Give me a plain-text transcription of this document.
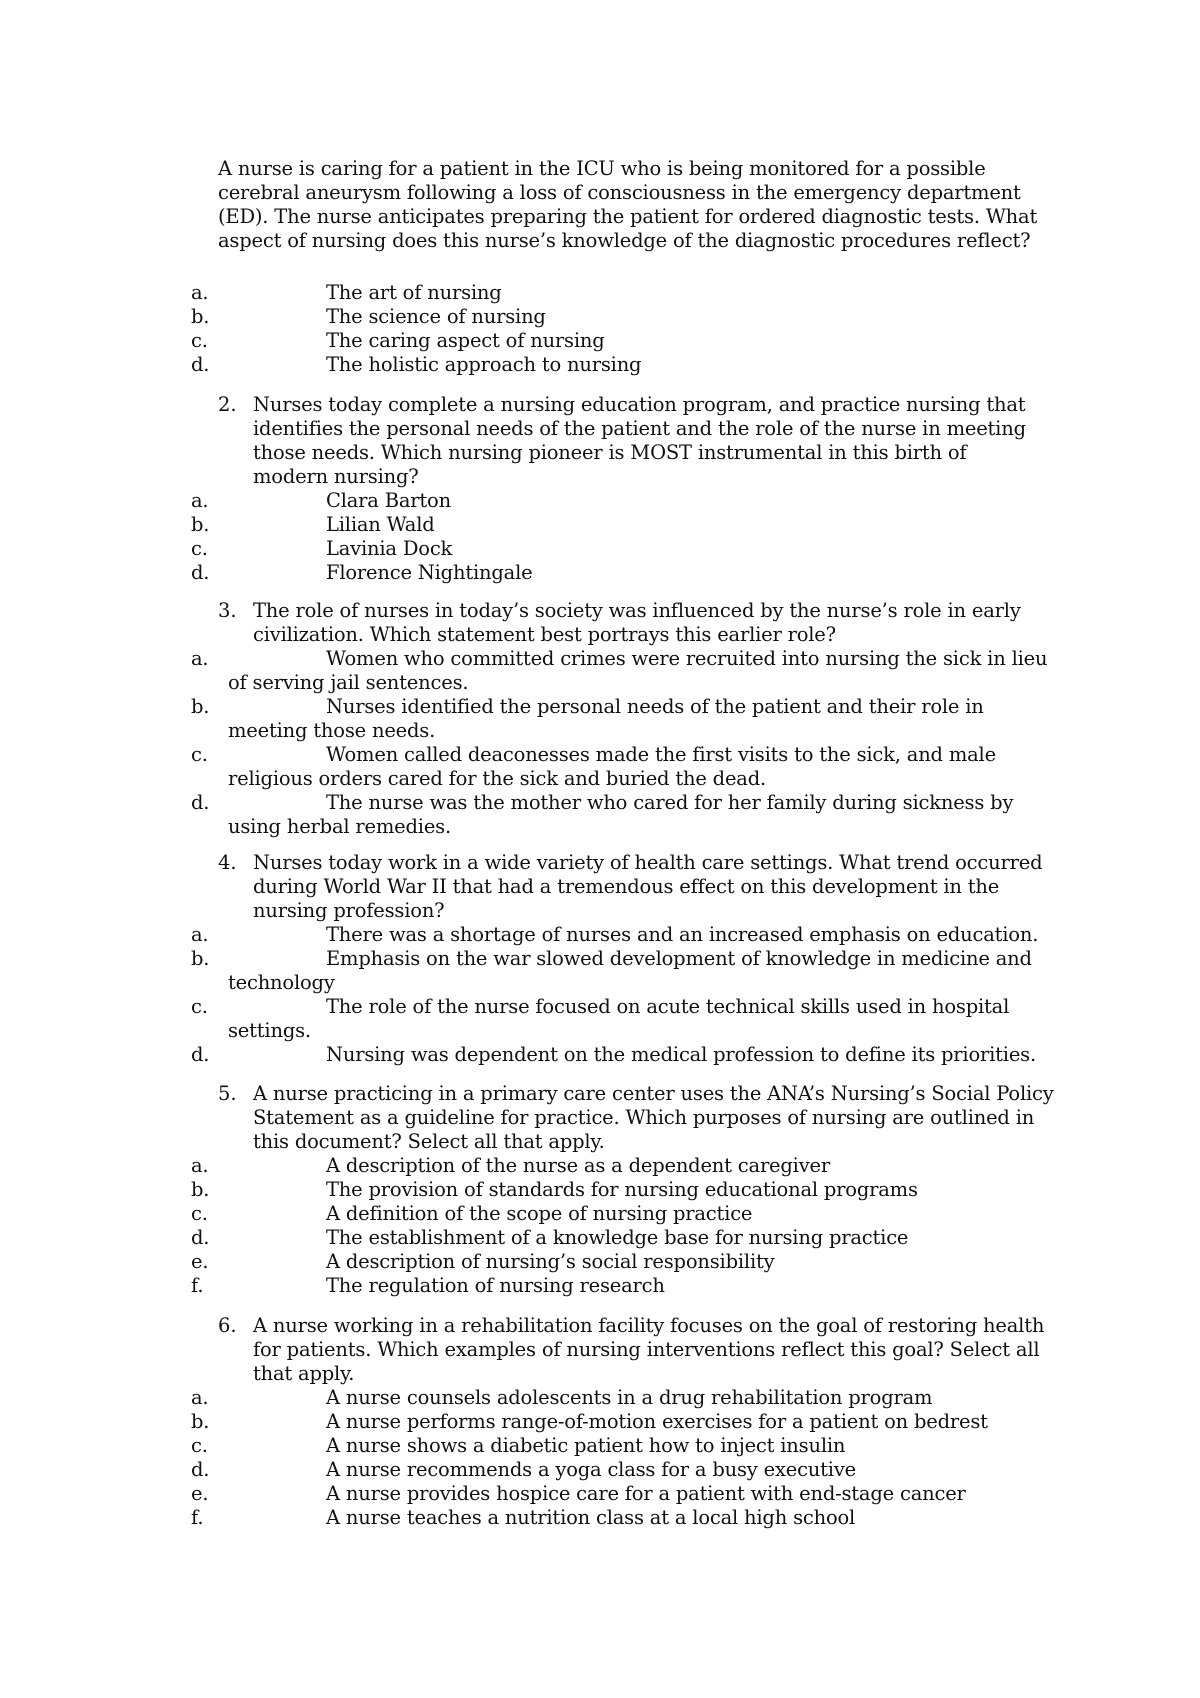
A nurse is caring for a patient in the ICU who is being monitored for a possible
cerebral aneurysm following a loss of consciousness in the emergency department
(ED). The nurse anticipates preparing the patient for ordered diagnostic tests. What
aspect of nursing does this nurse’s knowledge of the diagnostic procedures reflect?
a.	The art of nursing
b.	The science of nursing
c.	The caring aspect of nursing
d.	The holistic approach to nursing
2. Nurses today complete a nursing education program, and practice nursing that
identifies the personal needs of the patient and the role of the nurse in meeting
those needs. Which nursing pioneer is MOST instrumental in this birth of
modern nursing?
a.	Clara Barton
b.	Lilian Wald
c.	Lavinia Dock
d.	Florence Nightingale
3. The role of nurses in today’s society was influenced by the nurse’s role in early
civilization. Which statement best portrays this earlier role?
a.	Women who committed crimes were recruited into nursing the sick in lieu
of serving jail sentences.
b.	Nurses identified the personal needs of the patient and their role in
meeting those needs.
c.	Women called deaconesses made the first visits to the sick, and male
religious orders cared for the sick and buried the dead.
d.	The nurse was the mother who cared for her family during sickness by
using herbal remedies.
4. Nurses today work in a wide variety of health care settings. What trend occurred
during World War II that had a tremendous effect on this development in the
nursing profession?
a.	There was a shortage of nurses and an increased emphasis on education.
b.	Emphasis on the war slowed development of knowledge in medicine and
technology
c.	The role of the nurse focused on acute technical skills used in hospital
settings.
d.	Nursing was dependent on the medical profession to define its priorities.
5. A nurse practicing in a primary care center uses the ANA’s Nursing’s Social Policy
Statement as a guideline for practice. Which purposes of nursing are outlined in
this document? Select all that apply.
a.	A description of the nurse as a dependent caregiver
b.	The provision of standards for nursing educational programs
c.	A definition of the scope of nursing practice
d.	The establishment of a knowledge base for nursing practice
e.	A description of nursing’s social responsibility
f.	The regulation of nursing research
6. A nurse working in a rehabilitation facility focuses on the goal of restoring health
for patients. Which examples of nursing interventions reflect this goal? Select all
that apply.
a.	A nurse counsels adolescents in a drug rehabilitation program
b.	A nurse performs range-of-motion exercises for a patient on bedrest
c.	A nurse shows a diabetic patient how to inject insulin
d.	A nurse recommends a yoga class for a busy executive
e.	A nurse provides hospice care for a patient with end-stage cancer
f.	A nurse teaches a nutrition class at a local high school
